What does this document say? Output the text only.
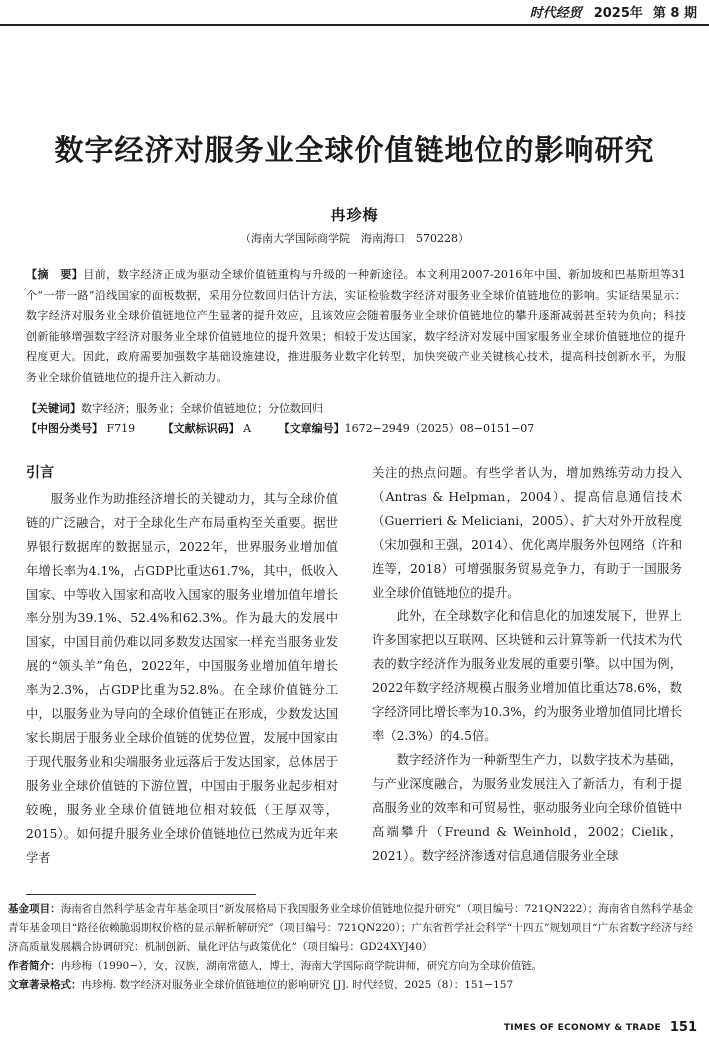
时代经贸 2025年 第 8 期
数字经济对服务业全球价值链地位的影响研究
冉珍梅
（海南大学国际商学院　海南海口　570228）
【摘　要】目前，数字经济正成为驱动全球价值链重构与升级的一种新途径。本文利用2007-2016年中国、新加坡和巴基斯坦等31个“一带一路”沿线国家的面板数据，采用分位数回归估计方法，实证检验数字经济对服务业全球价值链地位的影响。实证结果显示：数字经济对服务业全球价值链地位产生显著的提升效应，且该效应会随着服务业全球价值链地位的攀升逐渐减弱甚至转为负向；科技创新能够增强数字经济对服务业全球价值链地位的提升效果；相较于发达国家，数字经济对发展中国家服务业全球价值链地位的提升程度更大。因此，政府需要加强数字基础设施建设，推进服务业数字化转型，加快突破产业关键核心技术，提高科技创新水平，为服务业全球价值链地位的提升注入新动力。
【关键词】数字经济；服务业；全球价值链地位；分位数回归
【中图分类号】 F719	【文献标识码】 A	【文章编号】1672−2949（2025）08−0151−07
引言

服务业作为助推经济增长的关键动力，其与全球价值链的广泛融合，对于全球化生产布局重构至关重要。据世界银行数据库的数据显示，2022年，世界服务业增加值年增长率为4.1%，占GDP比重达61.7%，其中，低收入国家、中等收入国家和高收入国家的服务业增加值年增长率分别为39.1%、52.4%和62.3%。作为最大的发展中国家，中国目前仍难以同多数发达国家一样充当服务业发展的“领头羊”角色，2022年，中国服务业增加值年增长率为2.3%，占GDP比重为52.8%。在全球价值链分工中，以服务业为导向的全球价值链正在形成，少数发达国家长期居于服务业全球价值链的优势位置，发展中国家由于现代服务业和尖端服务业远落后于发达国家，总体居于服务业全球价值链的下游位置，中国由于服务业起步相对较晚，服务业全球价值链地位相对较低（王厚双等，2015）。如何提升服务业全球价值链地位已然成为近年来学者

关注的热点问题。有些学者认为，增加熟练劳动力投入（Antras & Helpman，2004）、提高信息通信技术（Guerrieri & Meliciani，2005）、扩大对外开放程度（宋加强和王强，2014）、优化离岸服务外包网络（许和连等，2018）可增强服务贸易竞争力，有助于一国服务业全球价值链地位的提升。

此外，在全球数字化和信息化的加速发展下，世界上许多国家把以互联网、区块链和云计算等新一代技术为代表的数字经济作为服务业发展的重要引擎。以中国为例，2022年数字经济规模占服务业增加值比重达78.6%，数字经济同比增长率为10.3%，约为服务业增加值同比增长率（2.3%）的4.5倍。

数字经济作为一种新型生产力，以数字技术为基础，与产业深度融合，为服务业发展注入了新活力，有利于提高服务业的效率和可贸易性，驱动服务业向全球价值链中高端攀升（Freund & Weinhold，2002；Cielik，2021）。数字经济渗透对信息通信服务业全球

基金项目：海南省自然科学基金青年基金项目“新发展格局下我国服务业全球价值链地位提升研究”（项目编号：721QN222）；海南省自然科学基金青年基金项目“路径依赖脆弱期权价格的显示解析解研究”（项目编号：721QN220）；广东省哲学社会科学“十四五”规划项目“广东省数字经济与经济高质量发展耦合协调研究：机制创新、量化评估与政策优化”（项目编号：GD24XYJ40）
作者简介：冉珍梅（1990−），女，汉族，湖南常德人，博士，海南大学国际商学院讲师，研究方向为全球价值链。
文章著录格式：冉珍梅. 数字经济对服务业全球价值链地位的影响研究 [J]. 时代经贸，2025（8）：151−157
TIMES OF ECONOMY & TRADE 151
